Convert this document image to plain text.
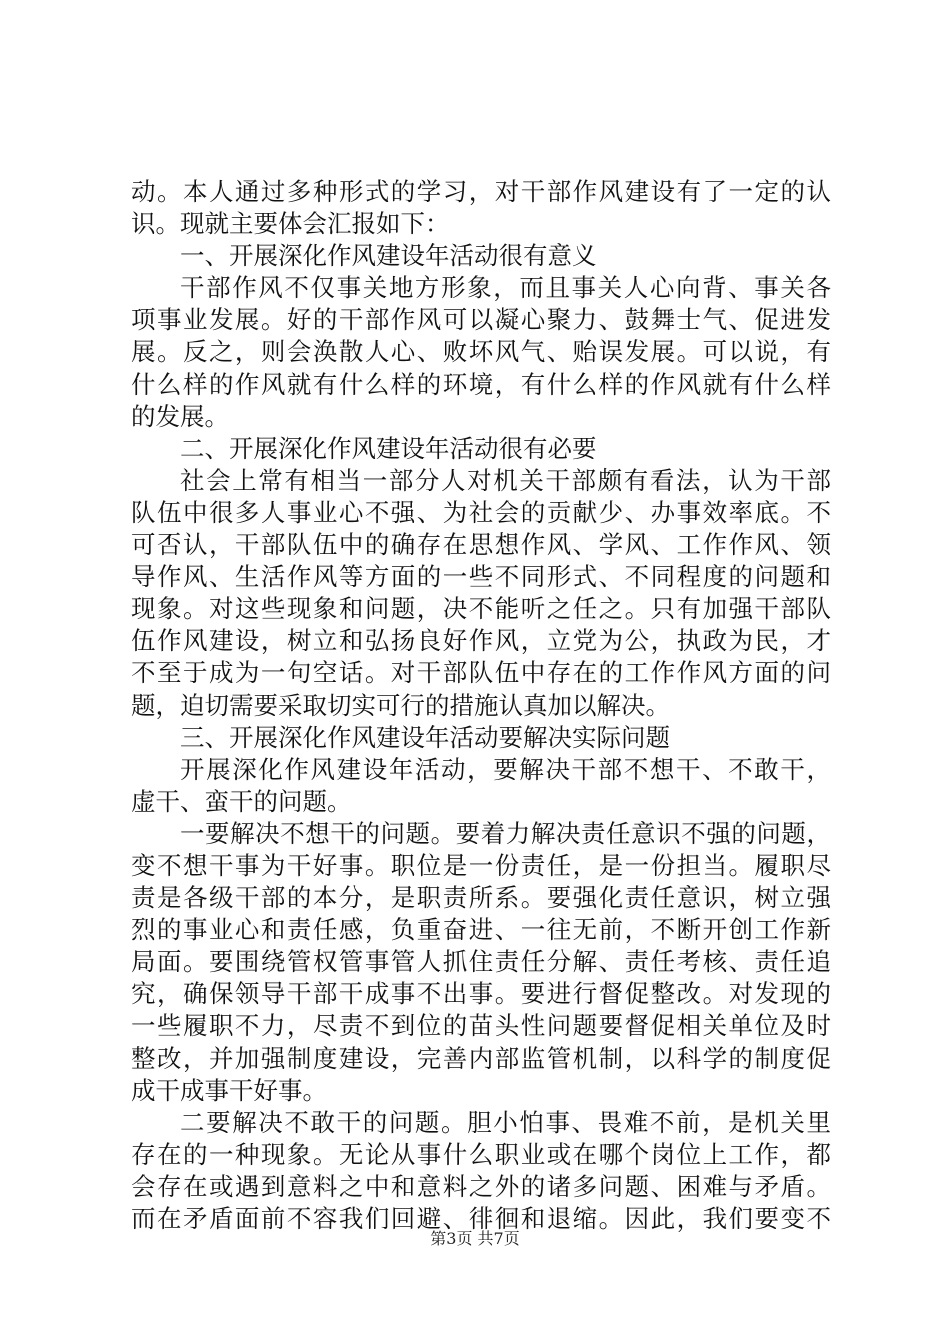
动。本人通过多种形式的学习，对干部作风建设有了一定的认
识。现就主要体会汇报如下：
一、开展深化作风建设年活动很有意义
干部作风不仅事关地方形象，而且事关人心向背、事关各
项事业发展。好的干部作风可以凝心聚力、鼓舞士气、促进发
展。反之，则会涣散人心、败坏风气、贻误发展。可以说，有
什么样的作风就有什么样的环境，有什么样的作风就有什么样
的发展。
二、开展深化作风建设年活动很有必要
社会上常有相当一部分人对机关干部颇有看法，认为干部
队伍中很多人事业心不强、为社会的贡献少、办事效率底。不
可否认，干部队伍中的确存在思想作风、学风、工作作风、领
导作风、生活作风等方面的一些不同形式、不同程度的问题和
现象。对这些现象和问题，决不能听之任之。只有加强干部队
伍作风建设，树立和弘扬良好作风，立党为公，执政为民，才
不至于成为一句空话。对干部队伍中存在的工作作风方面的问
题，迫切需要采取切实可行的措施认真加以解决。
三、开展深化作风建设年活动要解决实际问题
开展深化作风建设年活动，要解决干部不想干、不敢干，
虚干、蛮干的问题。
一要解决不想干的问题。要着力解决责任意识不强的问题，
变不想干事为干好事。职位是一份责任，是一份担当。履职尽
责是各级干部的本分，是职责所系。要强化责任意识，树立强
烈的事业心和责任感，负重奋进、一往无前，不断开创工作新
局面。要围绕管权管事管人抓住责任分解、责任考核、责任追
究，确保领导干部干成事不出事。要进行督促整改。对发现的
一些履职不力，尽责不到位的苗头性问题要督促相关单位及时
整改，并加强制度建设，完善内部监管机制，以科学的制度促
成干成事干好事。
二要解决不敢干的问题。胆小怕事、畏难不前，是机关里
存在的一种现象。无论从事什么职业或在哪个岗位上工作，都
会存在或遇到意料之中和意料之外的诸多问题、困难与矛盾。
而在矛盾面前不容我们回避、徘徊和退缩。因此，我们要变不
第3页 共7页
